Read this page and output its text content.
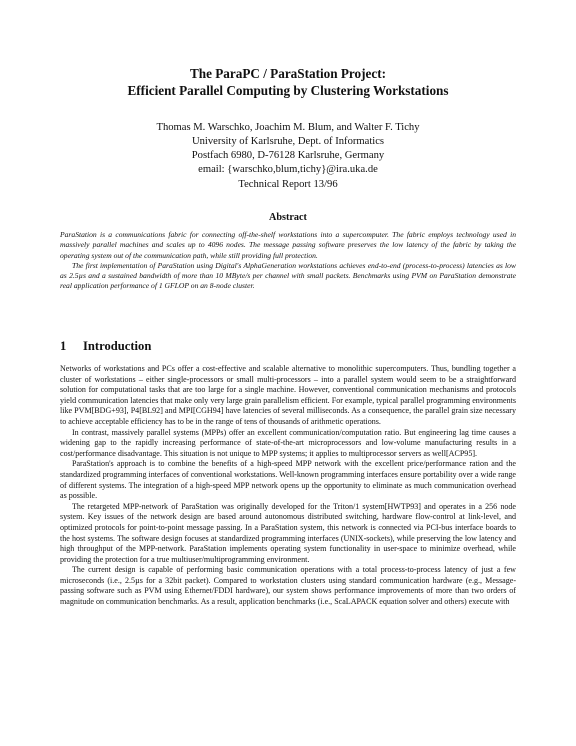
The ParaPC / ParaStation Project:
Efficient Parallel Computing by Clustering Workstations
Thomas M. Warschko, Joachim M. Blum, and Walter F. Tichy
University of Karlsruhe, Dept. of Informatics
Postfach 6980, D-76128 Karlsruhe, Germany
email: {warschko,blum,tichy}@ira.uka.de
Technical Report 13/96
Abstract

ParaStation is a communications fabric for connecting off-the-shelf workstations into a supercomputer. The fabric employs technology used in massively parallel machines and scales up to 4096 nodes. The message passing software preserves the low latency of the fabric by taking the operating system out of the communication path, while still providing full protection.

The first implementation of ParaStation using Digital's AlphaGeneration workstations achieves end-to-end (process-to-process) latencies as low as 2.5µs and a sustained bandwidth of more than 10 MByte/s per channel with small packets. Benchmarks using PVM on ParaStation demonstrate real application performance of 1 GFLOP on an 8-node cluster.

1 Introduction

Networks of workstations and PCs offer a cost-effective and scalable alternative to monolithic supercomputers. Thus, bundling together a cluster of workstations – either single-processors or small multi-processors – into a parallel system would seem to be a straightforward solution for computational tasks that are too large for a single machine. However, conventional communication mechanisms and protocols yield communication latencies that make only very large grain parallelism efficient. For example, typical parallel programming environments like PVM[BDG+93], P4[BL92] and MPI[CGH94] have latencies of several milliseconds. As a consequence, the parallel grain size necessary to achieve acceptable efficiency has to be in the range of tens of thousands of arithmetic operations.

In contrast, massively parallel systems (MPPs) offer an excellent communication/computation ratio. But engineering lag time causes a widening gap to the rapidly increasing performance of state-of-the-art microprocessors and low-volume manufacturing results in a cost/performance disadvantage. This situation is not unique to MPP systems; it applies to multiprocessor servers as well[ACP95].

ParaStation's approach is to combine the benefits of a high-speed MPP network with the excellent price/performance ration and the standardized programming interfaces of conventional workstations. Well-known programming interfaces ensure portability over a wide range of different systems. The integration of a high-speed MPP network opens up the opportunity to eliminate as much communication overhead as possible.

The retargeted MPP-network of ParaStation was originally developed for the Triton/1 system[HWTP93] and operates in a 256 node system. Key issues of the network design are based around autonomous distributed switching, hardware flow-control at link-level, and optimized protocols for point-to-point message passing. In a ParaStation system, this network is connected via PCI-bus interface boards to the host systems. The software design focuses at standardized programming interfaces (UNIX-sockets), while preserving the low latency and high throughput of the MPP-network. ParaStation implements operating system functionality in user-space to minimize overhead, while providing the protection for a true multiuser/multiprogramming environment.

The current design is capable of performing basic communication operations with a total process-to-process latency of just a few microseconds (i.e., 2.5µs for a 32bit packet). Compared to workstation clusters using standard communication hardware (e.g., Message-passing software such as PVM using Ethernet/FDDI hardware), our system shows performance improvements of more than two orders of magnitude on communication benchmarks. As a result, application benchmarks (i.e., ScaLAPACK equation solver and others) execute with
